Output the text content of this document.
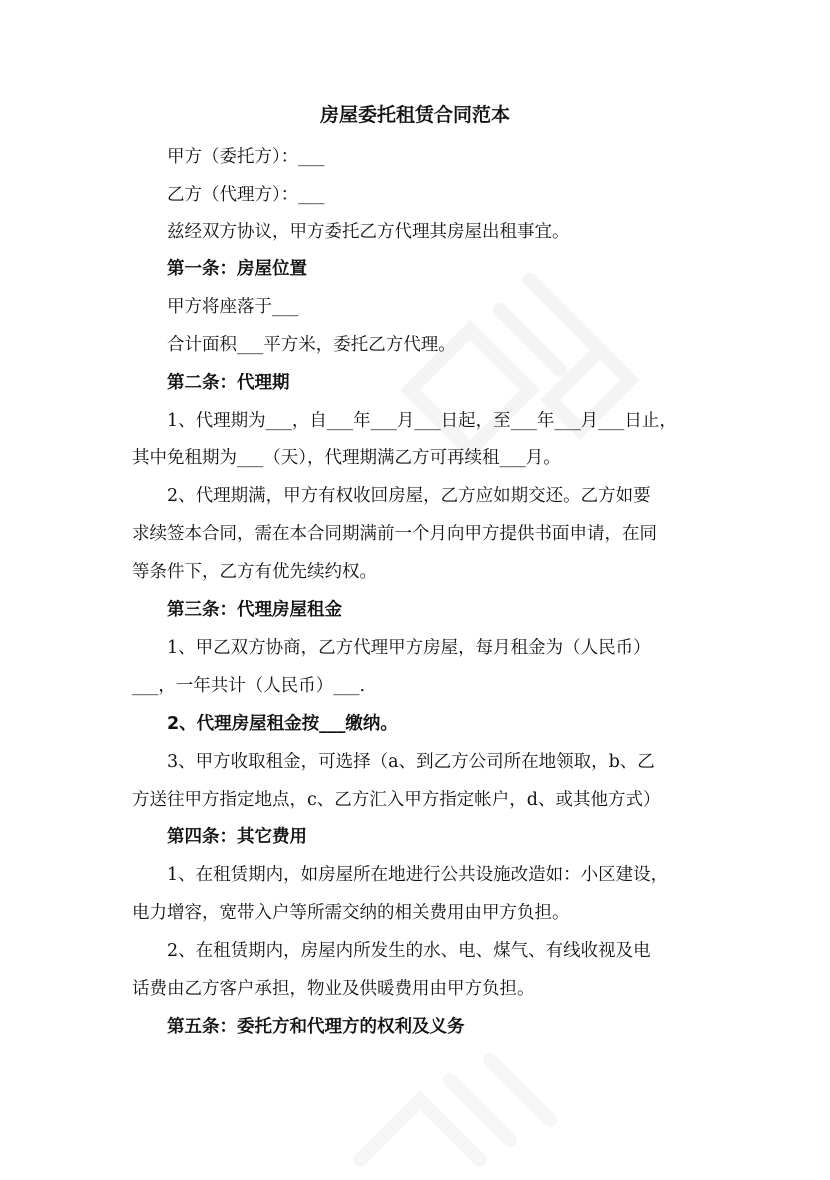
房屋委托租赁合同范本
甲方（委托方）：___
乙方（代理方）：___
兹经双方协议，甲方委托乙方代理其房屋出租事宜。
第一条：房屋位置
甲方将座落于___
合计面积___平方米，委托乙方代理。
第二条：代理期
1、代理期为___，自___年___月___日起，至___年___月___日止，
其中免租期为___（天），代理期满乙方可再续租___月。
2、代理期满，甲方有权收回房屋，乙方应如期交还。乙方如要
求续签本合同，需在本合同期满前一个月向甲方提供书面申请，在同
等条件下，乙方有优先续约权。
第三条：代理房屋租金
1、甲乙双方协商，乙方代理甲方房屋，每月租金为（人民币）
___，一年共计（人民币）___.
2、代理房屋租金按___缴纳。
3、甲方收取租金，可选择（a、到乙方公司所在地领取，b、乙
方送往甲方指定地点，c、乙方汇入甲方指定帐户，d、或其他方式）
第四条：其它费用
1、在租赁期内，如房屋所在地进行公共设施改造如：小区建设，
电力增容，宽带入户等所需交纳的相关费用由甲方负担。
2、在租赁期内，房屋内所发生的水、电、煤气、有线收视及电
话费由乙方客户承担，物业及供暖费用由甲方负担。
第五条：委托方和代理方的权利及义务
